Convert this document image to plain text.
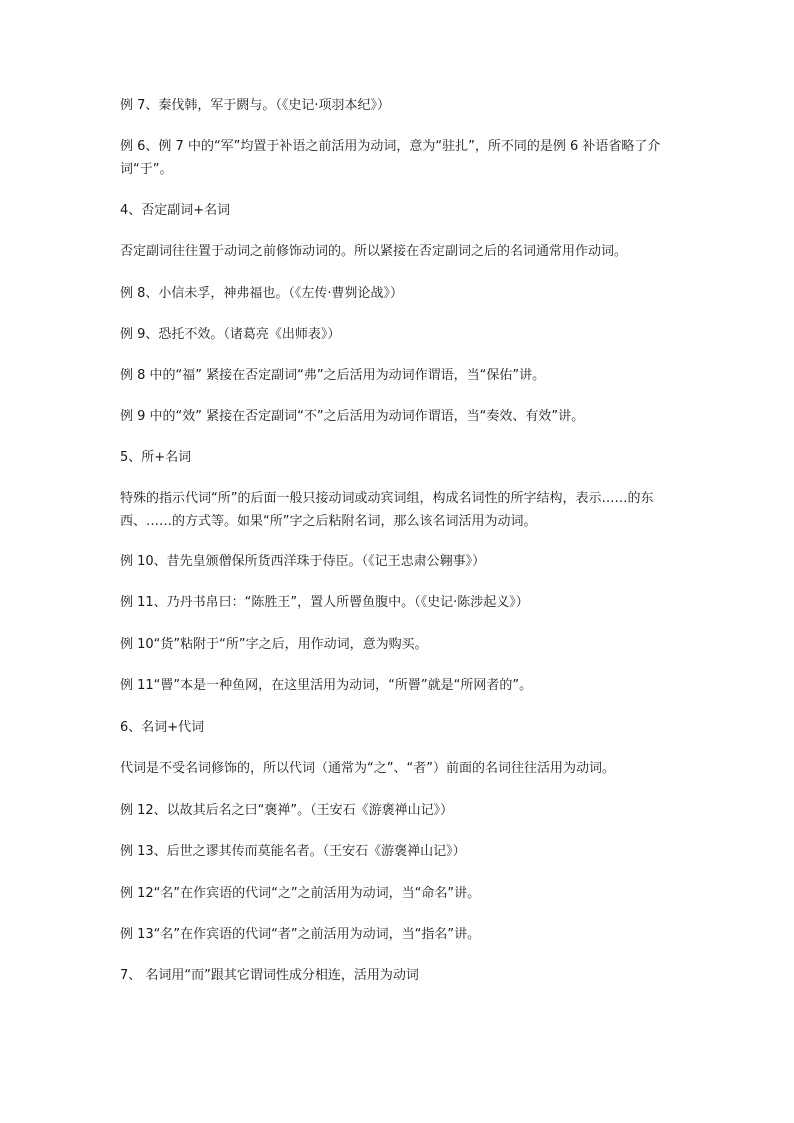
例 7、秦伐韩，军于閼与。（《史记·项羽本纪》）

例 6、例 7 中的“军”均置于补语之前活用为动词，意为“驻扎”，所不同的是例 6 补语省略了介词“于”。

4、否定副词+名词

否定副词往往置于动词之前修饰动词的。所以紧接在否定副词之后的名词通常用作动词。

例 8、小信未孚，神弗福也。（《左传·曹刿论战》）

例 9、恐托不效。（诸葛亮《出师表》）

例 8 中的“福” 紧接在否定副词“弗”之后活用为动词作谓语，当“保佑”讲。

例 9 中的“效” 紧接在否定副词“不”之后活用为动词作谓语，当“奏效、有效”讲。

5、所+名词

特殊的指示代词“所”的后面一般只接动词或动宾词组，构成名词性的所字结构，表示……的东西、……的方式等。如果“所”字之后粘附名词，那么该名词活用为动词。

例 10、昔先皇颁僧保所货西洋珠于侍臣。（《记王忠肃公翱事》）

例 11、乃丹书帛曰：“陈胜王”，置人所罾鱼腹中。（《史记·陈涉起义》）

例 10“货”粘附于“所”字之后，用作动词，意为购买。

例 11“罾”本是一种鱼网，在这里活用为动词，“所罾”就是“所网者的”。

6、名词+代词

代词是不受名词修饰的，所以代词（通常为“之”、“者”）前面的名词往往活用为动词。

例 12、以故其后名之曰“褒禅”。（王安石《游褒禅山记》）

例 13、后世之谬其传而莫能名者。（王安石《游褒禅山记》）

例 12“名”在作宾语的代词“之”之前活用为动词，当“命名”讲。

例 13“名”在作宾语的代词“者”之前活用为动词，当“指名”讲。

7、 名词用“而”跟其它谓词性成分相连，活用为动词
